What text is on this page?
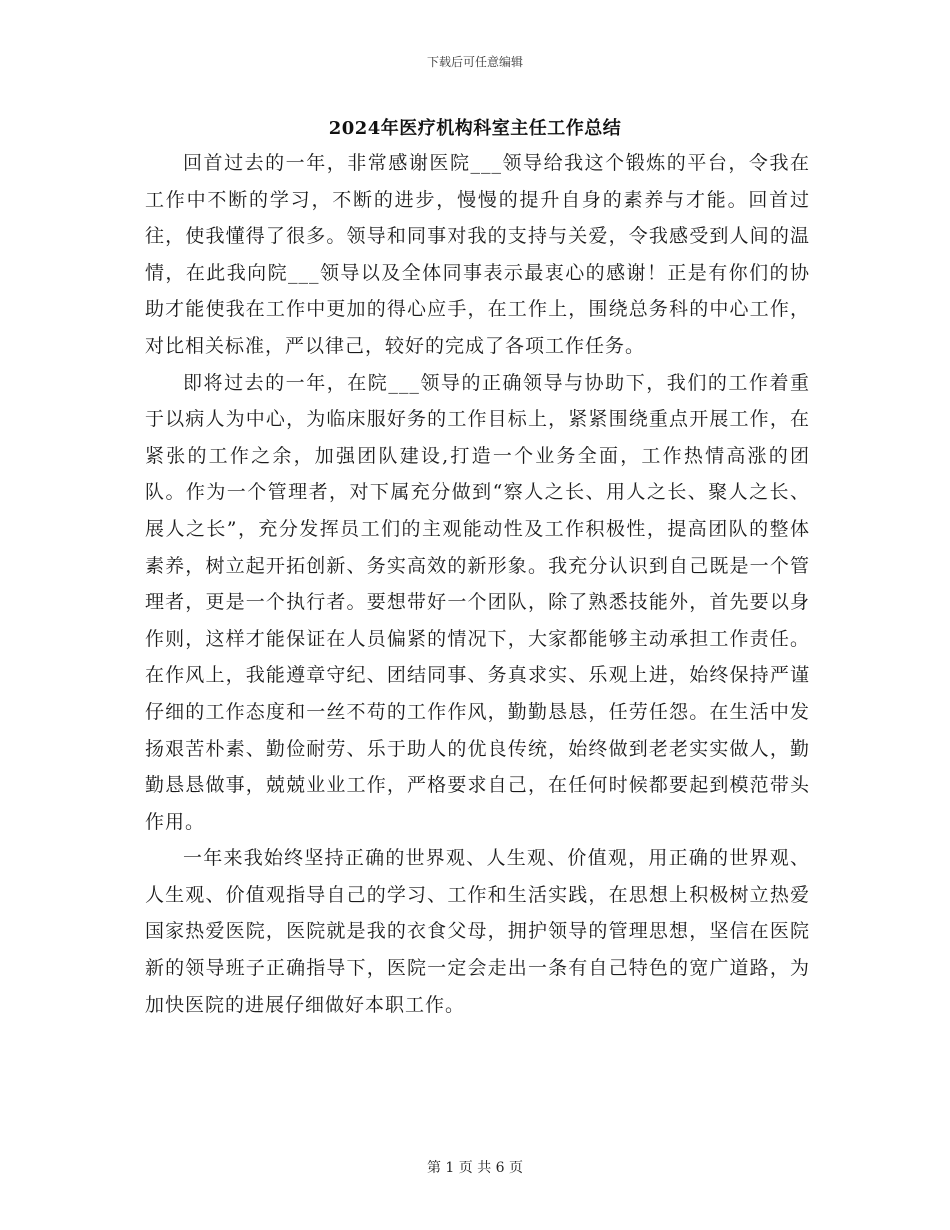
下载后可任意编辑
2024年医疗机构科室主任工作总结

回首过去的一年，非常感谢医院___领导给我这个锻炼的平台，令我在工作中不断的学习，不断的进步，慢慢的提升自身的素养与才能。回首过往，使我懂得了很多。领导和同事对我的支持与关爱，令我感受到人间的温情，在此我向院___领导以及全体同事表示最衷心的感谢！正是有你们的协助才能使我在工作中更加的得心应手，在工作上，围绕总务科的中心工作，对比相关标准，严以律己，较好的完成了各项工作任务。

即将过去的一年，在院___领导的正确领导与协助下，我们的工作着重于以病人为中心，为临床服好务的工作目标上，紧紧围绕重点开展工作，在紧张的工作之余，加强团队建设,打造一个业务全面，工作热情高涨的团队。作为一个管理者，对下属充分做到“察人之长、用人之长、聚人之长、展人之长”，充分发挥员工们的主观能动性及工作积极性，提高团队的整体素养，树立起开拓创新、务实高效的新形象。我充分认识到自己既是一个管理者，更是一个执行者。要想带好一个团队，除了熟悉技能外，首先要以身作则，这样才能保证在人员偏紧的情况下，大家都能够主动承担工作责任。在作风上，我能遵章守纪、团结同事、务真求实、乐观上进，始终保持严谨仔细的工作态度和一丝不苟的工作作风，勤勤恳恳，任劳任怨。在生活中发扬艰苦朴素、勤俭耐劳、乐于助人的优良传统，始终做到老老实实做人，勤勤恳恳做事，兢兢业业工作，严格要求自己，在任何时候都要起到模范带头作用。

一年来我始终坚持正确的世界观、人生观、价值观，用正确的世界观、人生观、价值观指导自己的学习、工作和生活实践，在思想上积极树立热爱国家热爱医院，医院就是我的衣食父母，拥护领导的管理思想，坚信在医院新的领导班子正确指导下，医院一定会走出一条有自己特色的宽广道路，为加快医院的进展仔细做好本职工作。

第 1 页 共 6 页
